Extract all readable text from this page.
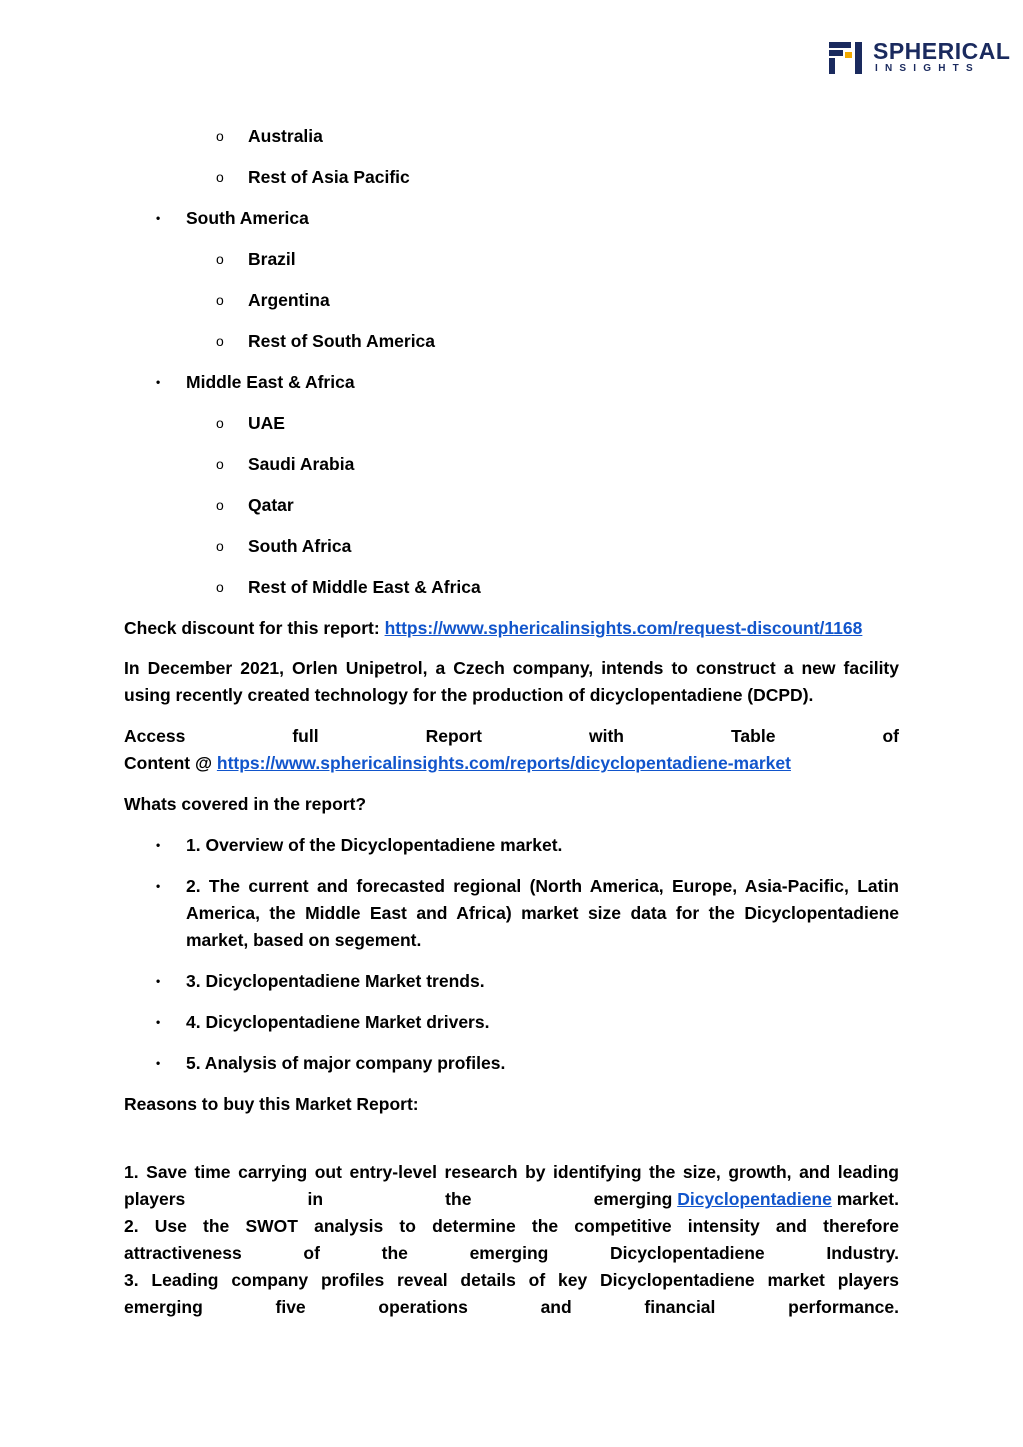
SPHERICAL
INSIGHTS
o Australia
o Rest of Asia Pacific
• South America
o Brazil
o Argentina
o Rest of South America
• Middle East & Africa
o UAE
o Saudi Arabia
o Qatar
o South Africa
o Rest of Middle East & Africa
Check discount for this report: https://www.sphericalinsights.com/request-discount/1168
In December 2021, Orlen Unipetrol, a Czech company, intends to construct a new facility using recently created technology for the production of dicyclopentadiene (DCPD).
Access	full	Report	with	Table	of
Content @ https://www.sphericalinsights.com/reports/dicyclopentadiene-market
Whats covered in the report?
• 1. Overview of the Dicyclopentadiene market.
• 2. The current and forecasted regional (North America, Europe, Asia-Pacific, Latin America, the Middle East and Africa) market size data for the Dicyclopentadiene market, based on segement.
• 3. Dicyclopentadiene Market trends.
• 4. Dicyclopentadiene Market drivers.
• 5. Analysis of major company profiles.
Reasons to buy this Market Report:
1. Save time carrying out entry-level research by identifying the size, growth, and leading
players	in	the	emerging Dicyclopentadiene market.
2. Use the SWOT analysis to determine the competitive intensity and therefore
attractiveness	of	the	emerging	Dicyclopentadiene	Industry.
3. Leading company profiles reveal details of key Dicyclopentadiene market players
emerging	five	operations	and	financial	performance.
